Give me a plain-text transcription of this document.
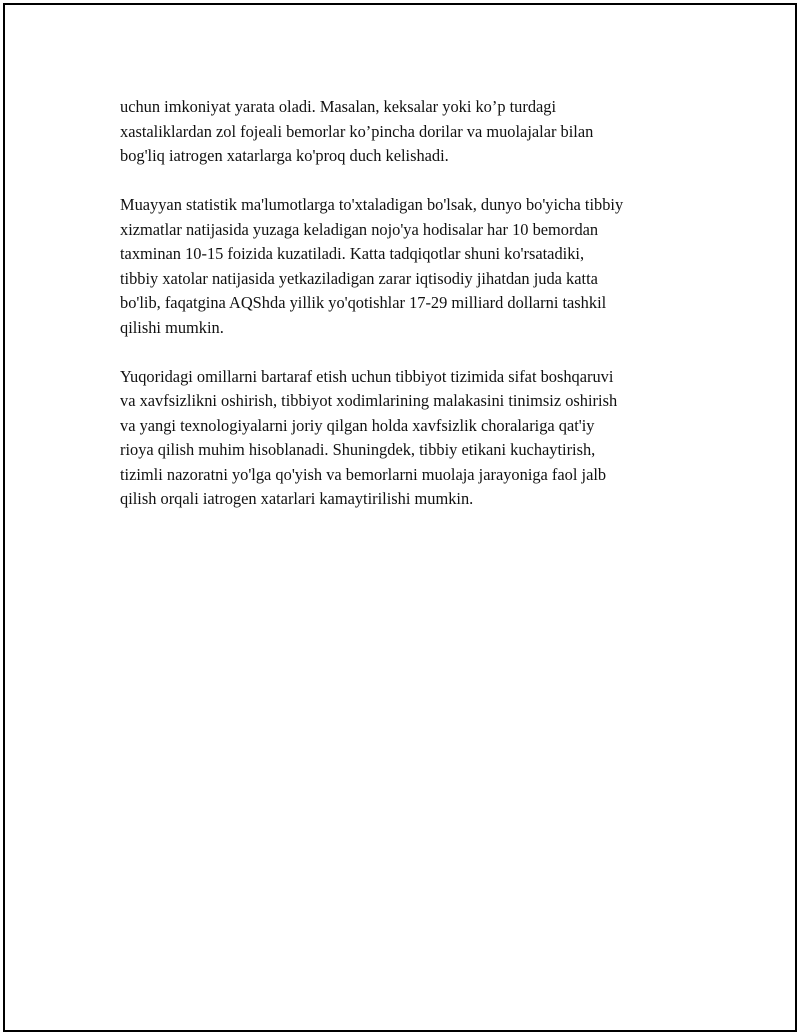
uchun imkoniyat yarata oladi. Masalan, keksalar yoki ko’p turdagi
xastaliklardan zol fojeali bemorlar ko’pincha dorilar va muolajalar bilan
bog'liq iatrogen xatarlarga ko'proq duch kelishadi.

Muayyan statistik ma'lumotlarga to'xtaladigan bo'lsak, dunyo bo'yicha tibbiy
xizmatlar natijasida yuzaga keladigan nojo'ya hodisalar har 10 bemordan
taxminan 10-15 foizida kuzatiladi. Katta tadqiqotlar shuni ko'rsatadiki,
tibbiy xatolar natijasida yetkaziladigan zarar iqtisodiy jihatdan juda katta
bo'lib, faqatgina AQShda yillik yo'qotishlar 17-29 milliard dollarni tashkil
qilishi mumkin.

Yuqoridagi omillarni bartaraf etish uchun tibbiyot tizimida sifat boshqaruvi
va xavfsizlikni oshirish, tibbiyot xodimlarining malakasini tinimsiz oshirish
va yangi texnologiyalarni joriy qilgan holda xavfsizlik choralariga qat'iy
rioya qilish muhim hisoblanadi. Shuningdek, tibbiy etikani kuchaytirish,
tizimli nazoratni yo'lga qo'yish va bemorlarni muolaja jarayoniga faol jalb
qilish orqali iatrogen xatarlari kamaytirilishi mumkin.
